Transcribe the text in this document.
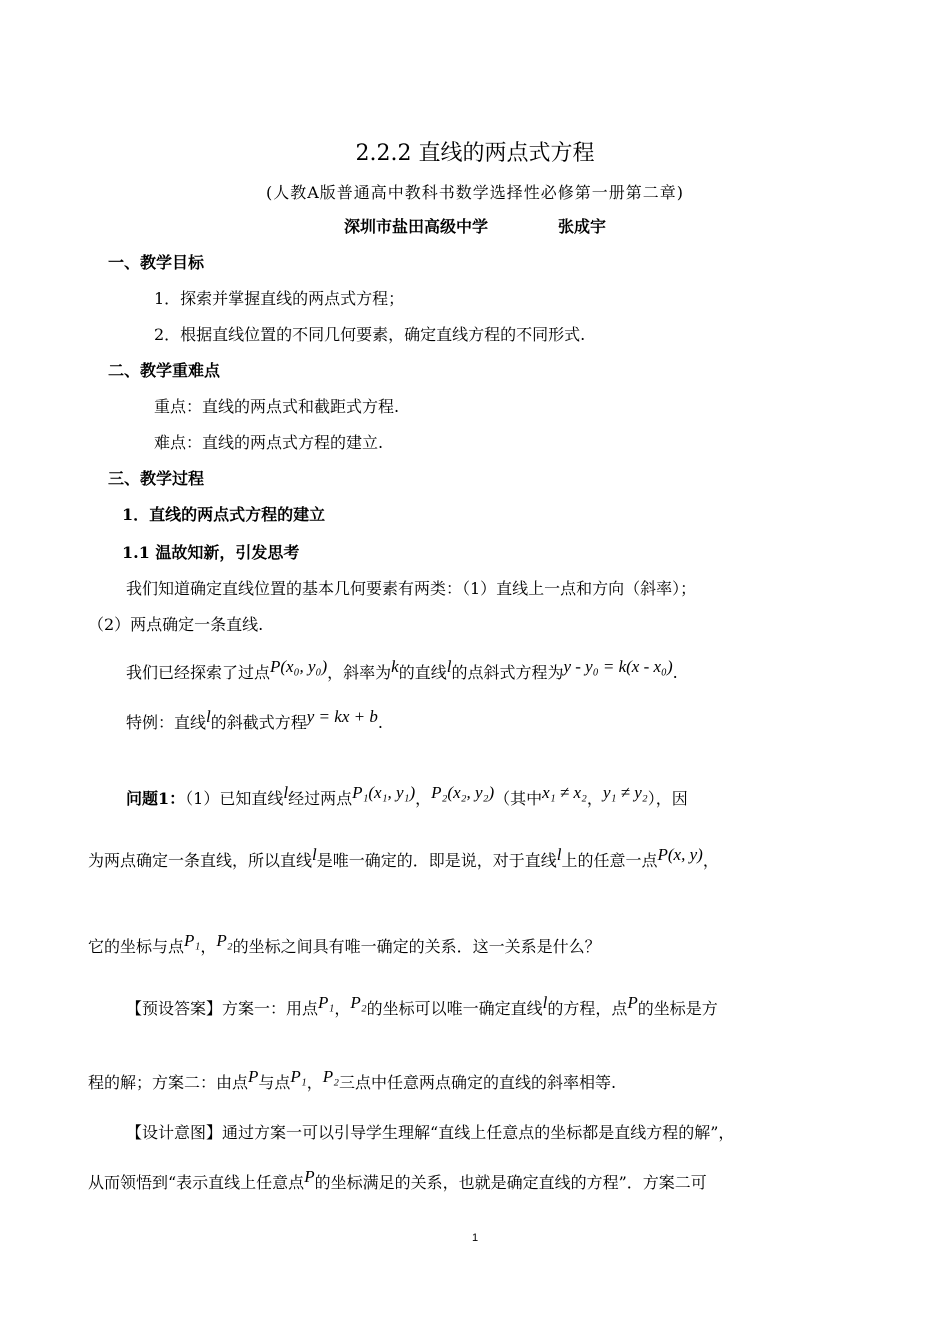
2.2.2 直线的两点式方程
(人教A版普通高中教科书数学选择性必修第一册第二章)
深圳市盐田高级中学	张成宇
一、教学目标
1．探索并掌握直线的两点式方程；
2．根据直线位置的不同几何要素，确定直线方程的不同形式.
二、教学重难点
重点：直线的两点式和截距式方程.
难点：直线的两点式方程的建立.
三、教学过程
1．直线的两点式方程的建立
1.1 温故知新，引发思考
我们知道确定直线位置的基本几何要素有两类：（1）直线上一点和方向（斜率）；
（2）两点确定一条直线.
我们已经探索了过点P(x₀, y₀)，斜率为k的直线l的点斜式方程为y - y₀ = k(x - x₀).
特例：直线l的斜截式方程y = kx + b.
问题1：（1）已知直线l经过两点P₁(x₁, y₁)，P₂(x₂, y₂)（其中x₁ ≠ x₂，y₁ ≠ y₂），因
为两点确定一条直线，所以直线l是唯一确定的．即是说，对于直线l上的任意一点P(x, y)，
它的坐标与点P₁，P₂的坐标之间具有唯一确定的关系．这一关系是什么？
【预设答案】方案一：用点P₁，P₂的坐标可以唯一确定直线l的方程，点P的坐标是方
程的解；方案二：由点P与点P₁，P₂三点中任意两点确定的直线的斜率相等.
【设计意图】通过方案一可以引导学生理解“直线上任意点的坐标都是直线方程的解”，
从而领悟到“表示直线上任意点P的坐标满足的关系，也就是确定直线的方程”．方案二可
1
